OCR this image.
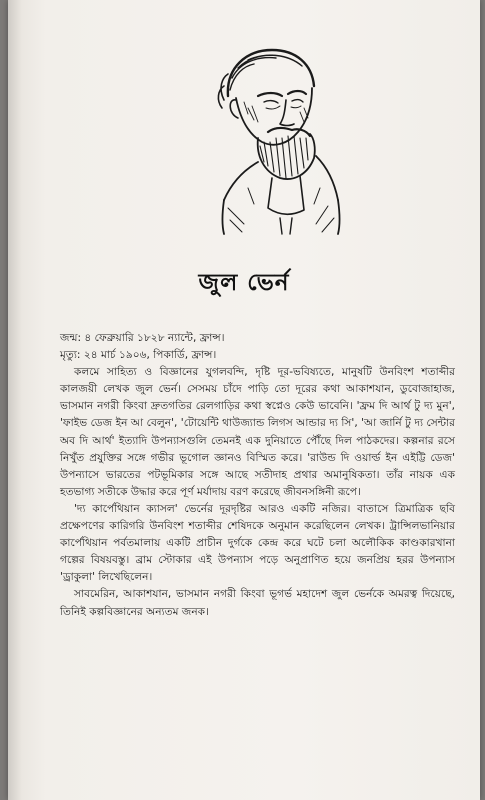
জুল ভের্ন

জন্ম: ৪ ফেব্রুয়ারি ১৮২৮ ন্যান্টে, ফ্রান্স।

মৃত্যু: ২৪ মার্চ ১৯০৬, পিকার্ডি, ফ্রান্স।

কলমে সাহিত্য ও বিজ্ঞানের যুগলবন্দি, দৃষ্টি দূর-ভবিষ্যতে, মানুষটি উনবিংশ শতাব্দীর কালজয়ী লেখক জুল ভের্ন। সেসময় চাঁদে পাড়ি তো দূরের কথা আকাশযান, ডুবোজাহাজ, ভাসমান নগরী কিংবা দ্রুতগতির রেলগাড়ির কথা স্বপ্নেও কেউ ভাবেনি। 'ফ্রম দি আর্থ টু দ্য মুন', 'ফাইভ ডেজ ইন আ বেলুন', 'টোয়েন্টি থাউজ্যান্ড লিগস আন্ডার দ্য সি', 'আ জার্নি টু দ্য সেন্টার অব দি আর্থ' ইত্যাদি উপন্যাসগুলি তেমনই এক দুনিয়াতে পৌঁছে দিল পাঠকদের। কল্পনার রসে নিখুঁত প্রযুক্তির সঙ্গে গভীর ভূগোল জ্ঞানও বিস্মিত করে। 'রাউন্ড দি ওয়ার্ল্ড ইন এইট্টি ডেজ' উপন্যাসে ভারতের পটভূমিকার সঙ্গে আছে সতীদাহ প্রথার অমানুষিকতা। তাঁর নায়ক এক হতভাগ্য সতীকে উদ্ধার করে পূর্ণ মর্যাদায় বরণ করেছে জীবনসঙ্গিনী রূপে।

'দ্য কার্পেথিয়ান ক্যাসল' ভের্নের দূরদৃষ্টির আরও একটি নজির। বাতাসে ত্রিমাত্রিক ছবি প্রক্ষেপণের কারিগরি উনবিংশ শতাব্দীর শেষিদকে অনুমান করেছিলেন লেখক। ট্রান্সিলভানিয়ার কার্পেথিয়ান পর্বতমালায় একটি প্রাচীন দুর্গকে কেন্দ্র করে ঘটে চলা অলৌকিক কাণ্ডকারখানা গল্পের বিষয়বস্তু। ব্রাম স্টোকার এই উপন্যাস পড়ে অনুপ্রাণিত হয়ে জনপ্রিয় হরর উপন্যাস 'ড্রাকুলা' লিখেছিলেন।

সাবমেরিন, আকাশযান, ভাসমান নগরী কিংবা ভূগর্ভ মহাদেশ জুল ভের্নকে অমরত্ব দিয়েছে, তিনিই কল্পবিজ্ঞানের অন্যতম জনক।
